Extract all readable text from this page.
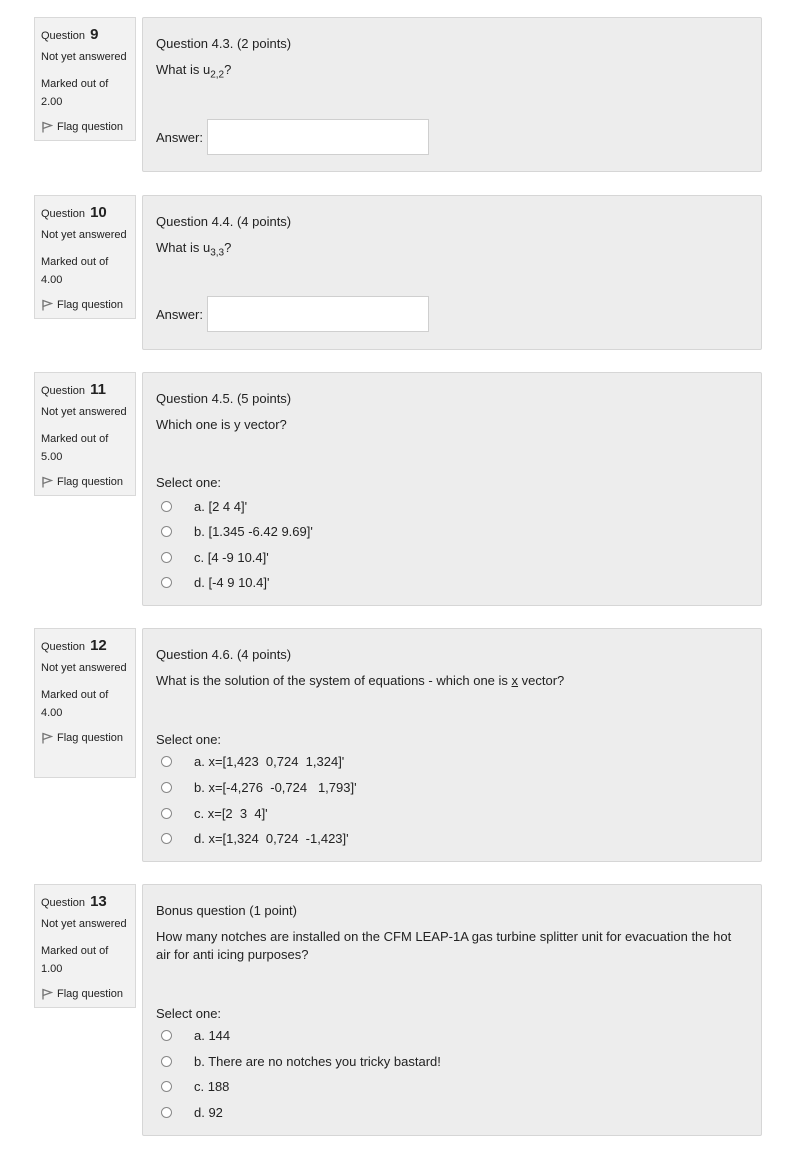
Question 9
Not yet answered
Marked out of
2.00
Flag question
Question 4.3. (2 points)
What is $u_{2,2}$?
Answer:
Question 10
Not yet answered
Marked out of
4.00
Flag question
Question 4.4. (4 points)
What is $u_{3,3}$?
Answer:
Question 11
Not yet answered
Marked out of
5.00
Flag question
Question 4.5. (5 points)
Which one is y vector?
Select one:
a. [2 4 4]'
b. [1.345 -6.42 9.69]'
c. [4 -9 10.4]'
d. [-4 9 10.4]'
Question 12
Not yet answered
Marked out of
4.00
Flag question
Question 4.6. (4 points)
What is the solution of the system of equations - which one is x vector?
Select one:
a. x=[1,423  0,724  1,324]'
b. x=[-4,276  -0,724   1,793]'
c. x=[2  3  4]'
d. x=[1,324  0,724  -1,423]'
Question 13
Not yet answered
Marked out of
1.00
Flag question
Bonus question (1 point)
How many notches are installed on the CFM LEAP-1A gas turbine splitter unit for evacuation the hot air for anti icing purposes?
Select one:
a. 144
b. There are no notches you tricky bastard!
c. 188
d. 92
